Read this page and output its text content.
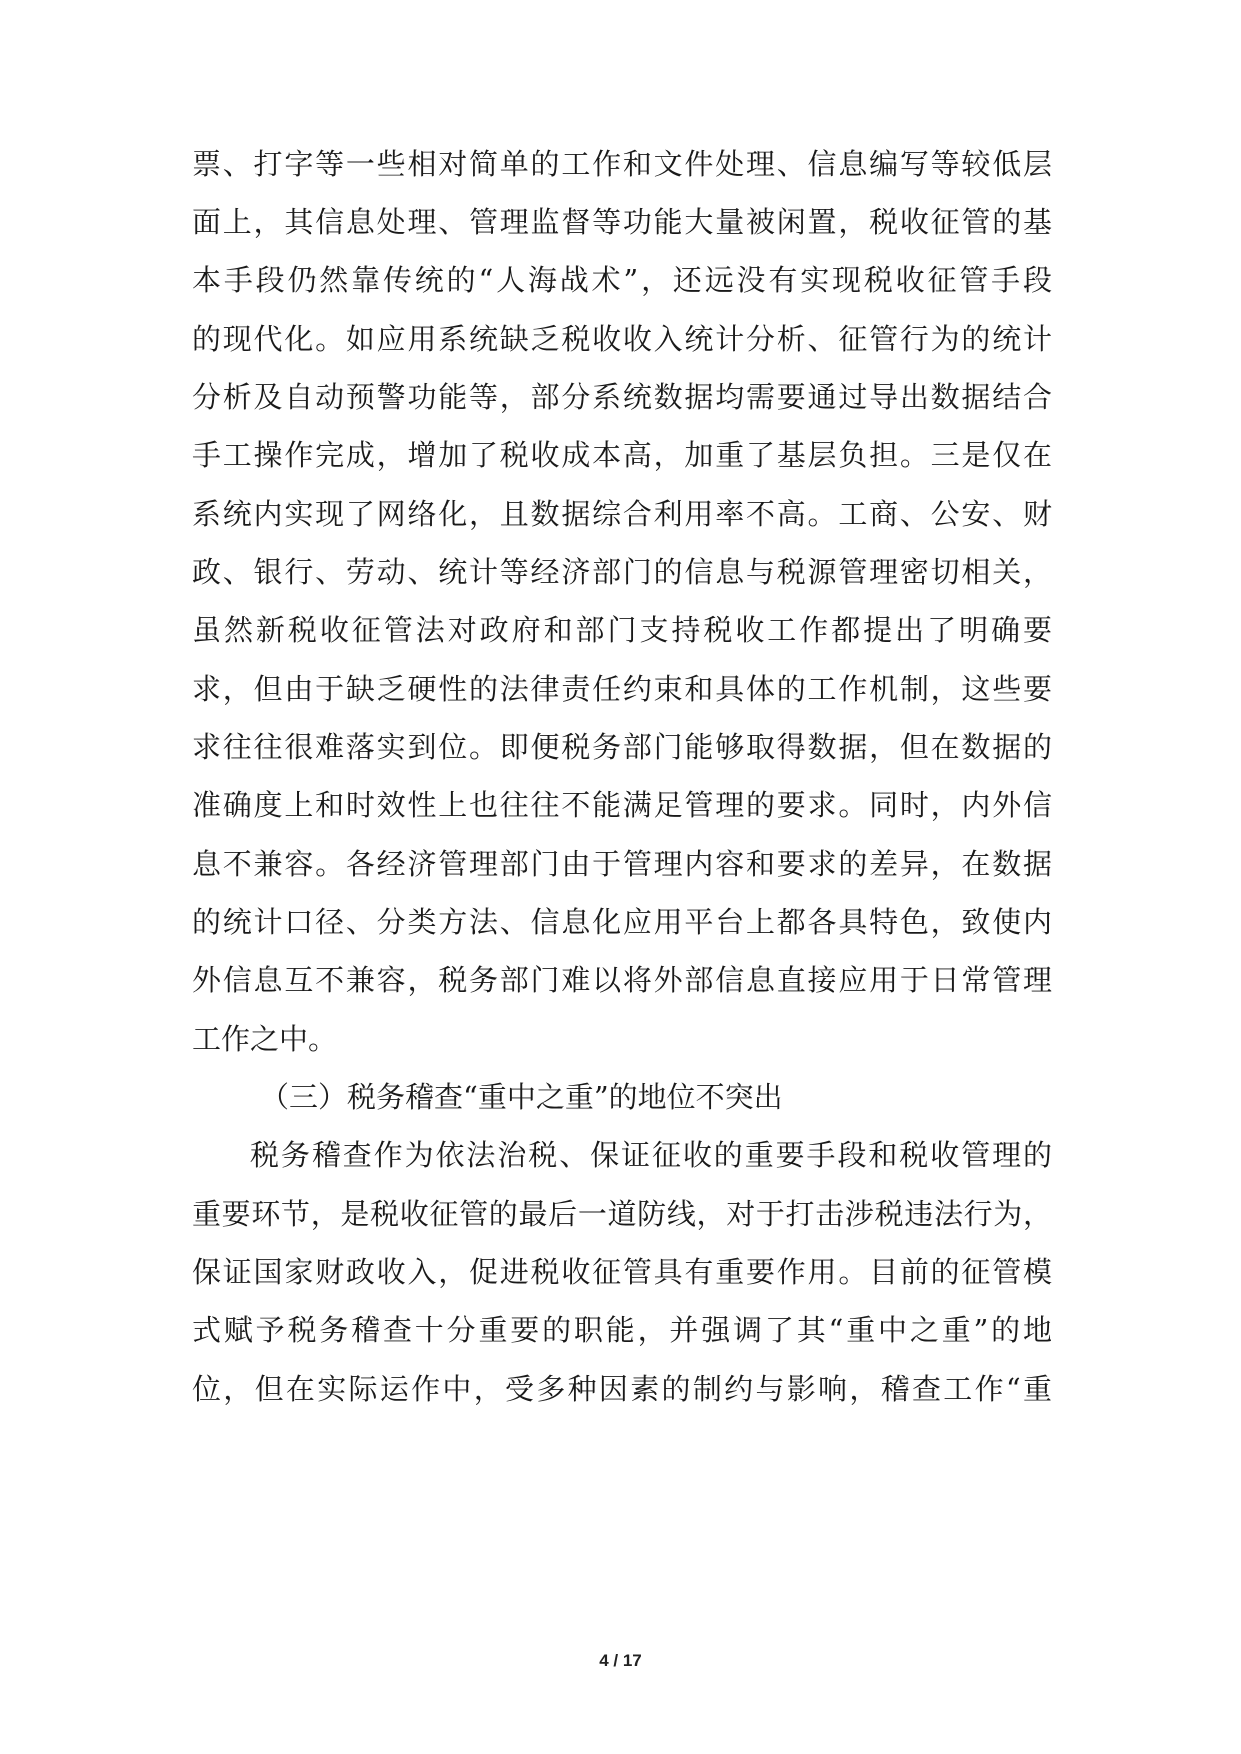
票、打字等一些相对简单的工作和文件处理、信息编写等较低层
面上，其信息处理、管理监督等功能大量被闲置，税收征管的基
本手段仍然靠传统的“人海战术”，还远没有实现税收征管手段
的现代化。如应用系统缺乏税收收入统计分析、征管行为的统计
分析及自动预警功能等，部分系统数据均需要通过导出数据结合
手工操作完成，增加了税收成本高，加重了基层负担。三是仅在
系统内实现了网络化，且数据综合利用率不高。工商、公安、财
政、银行、劳动、统计等经济部门的信息与税源管理密切相关，
虽然新税收征管法对政府和部门支持税收工作都提出了明确要
求，但由于缺乏硬性的法律责任约束和具体的工作机制，这些要
求往往很难落实到位。即便税务部门能够取得数据，但在数据的
准确度上和时效性上也往往不能满足管理的要求。同时，内外信
息不兼容。各经济管理部门由于管理内容和要求的差异，在数据
的统计口径、分类方法、信息化应用平台上都各具特色，致使内
外信息互不兼容，税务部门难以将外部信息直接应用于日常管理
工作之中。
（三）税务稽查“重中之重”的地位不突出
税务稽查作为依法治税、保证征收的重要手段和税收管理的
重要环节，是税收征管的最后一道防线，对于打击涉税违法行为，
保证国家财政收入，促进税收征管具有重要作用。目前的征管模
式赋予税务稽查十分重要的职能，并强调了其“重中之重”的地
位，但在实际运作中，受多种因素的制约与影响，稽查工作“重
4 / 17
